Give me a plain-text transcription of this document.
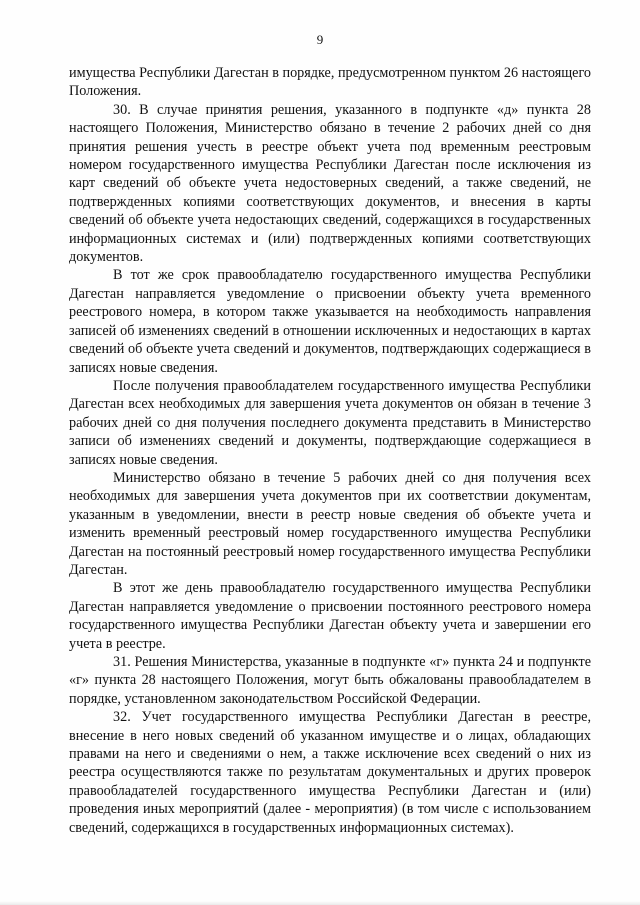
9

имущества Республики Дагестан в порядке, предусмотренном пунктом 26 настоящего Положения.

30. В случае принятия решения, указанного в подпункте «д» пункта 28 настоящего Положения, Министерство обязано в течение 2 рабочих дней со дня принятия решения учесть в реестре объект учета под временным реестровым номером государственного имущества Республики Дагестан после исключения из карт сведений об объекте учета недостоверных сведений, а также сведений, не подтвержденных копиями соответствующих документов, и внесения в карты сведений об объекте учета недостающих сведений, содержащихся в государственных информационных системах и (или) подтвержденных копиями соответствующих документов.

В тот же срок правообладателю государственного имущества Республики Дагестан направляется уведомление о присвоении объекту учета временного реестрового номера, в котором также указывается на необходимость направления записей об изменениях сведений в отношении исключенных и недостающих в картах сведений об объекте учета сведений и документов, подтверждающих содержащиеся в записях новые сведения.

После получения правообладателем государственного имущества Республики Дагестан всех необходимых для завершения учета документов он обязан в течение 3 рабочих дней со дня получения последнего документа представить в Министерство записи об изменениях сведений и документы, подтверждающие содержащиеся в записях новые сведения.

Министерство обязано в течение 5 рабочих дней со дня получения всех необходимых для завершения учета документов при их соответствии документам, указанным в уведомлении, внести в реестр новые сведения об объекте учета и изменить временный реестровый номер государственного имущества Республики Дагестан на постоянный реестровый номер государственного имущества Республики Дагестан.

В этот же день правообладателю государственного имущества Республики Дагестан направляется уведомление о присвоении постоянного реестрового номера государственного имущества Республики Дагестан объекту учета и завершении его учета в реестре.

31. Решения Министерства, указанные в подпункте «г» пункта 24 и подпункте «г» пункта 28 настоящего Положения, могут быть обжалованы правообладателем в порядке, установленном законодательством Российской Федерации.

32. Учет государственного имущества Республики Дагестан в реестре, внесение в него новых сведений об указанном имуществе и о лицах, обладающих правами на него и сведениями о нем, а также исключение всех сведений о них из реестра осуществляются также по результатам документальных и других проверок правообладателей государственного имущества Республики Дагестан и (или) проведения иных мероприятий (далее - мероприятия) (в том числе с использованием сведений, содержащихся в государственных информационных системах).
